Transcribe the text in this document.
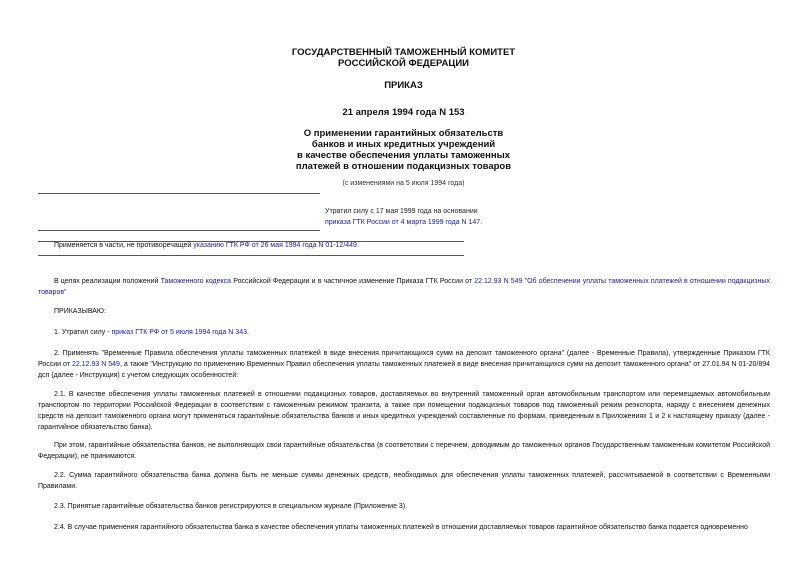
ГОСУДАРСТВЕННЫЙ ТАМОЖЕННЫЙ КОМИТЕТ
РОССИЙСКОЙ ФЕДЕРАЦИИ
ПРИКАЗ
21 апреля 1994 года N 153
О применении гарантийных обязательств
банков и иных кредитных учреждений
в качестве обеспечения уплаты таможенных
платежей в отношении подакцизных товаров
(с изменениями на 5 июля 1994 года)
Утратил силу с 17 мая 1999 года на основании
приказа ГТК России от 4 марта 1999 года N 147.
Применяется в части, не противоречащей указанию ГТК РФ от 26 мая 1994 года N 01-12/449.
В целях реализации положений Таможенного кодекса Российской Федерации и в частичное изменение Приказа ГТК России от 22.12.93 N 549 "Об обеспечении уплаты таможенных платежей в отношении подакцизных товаров"
ПРИКАЗЫВАЮ:
1. Утратил силу - приказ ГТК РФ от 5 июля 1994 года N 343.
2. Применять "Временные Правила обеспечения уплаты таможенных платежей в виде внесения причитающихся сумм на депозит таможенного органа" (далее - Временные Правила), утвержденные Приказом ГТК России от 22.12.93 N 549, а также "Инструкцию по применению Временных Правил обеспечения уплаты таможенных платежей в виде внесения причитающихся сумм на депозит таможенного органа" от 27.01.94 N 01-20/894 дсп (далее - Инструкция) с учетом следующих особенностей:
2.1. В качестве обеспечения уплаты таможенных платежей в отношении подакцизных товаров, доставляемых во внутренний таможенный орган автомобильным транспортом или перемещаемых автомобильным транспортом по территории Российской Федерации в соответствии с таможенным режимом транзита, а также при помещении подакцизных товаров под таможенный режим реэкспорта, наряду с внесением денежных средств на депозит таможенного органа могут применяться гарантийные обязательства банков и иных кредитных учреждений составленные по формам, приведенным в Приложениях 1 и 2 к настоящему приказу (далее - гарантийное обязательство банка).
При этом, гарантийные обязательства банков, не выполняющих свои гарантийные обязательства (в соответствии с перечнем, доводимым до таможенных органов Государственным таможенным комитетом Российской Федерации), не принимаются.
2.2. Сумма гарантийного обязательства банка должна быть не меньше суммы денежных средств, необходимых для обеспечения уплаты таможенных платежей, рассчитываемой в соответствии с Временными Правилами.
2.3. Принятые гарантийные обязательства банков регистрируются в специальном журнале (Приложение 3).
2.4. В случае применения гарантийного обязательства банка в качестве обеспечения уплаты таможенных платежей в отношении доставляемых товаров гарантийное обязательство банка подается одновременно
